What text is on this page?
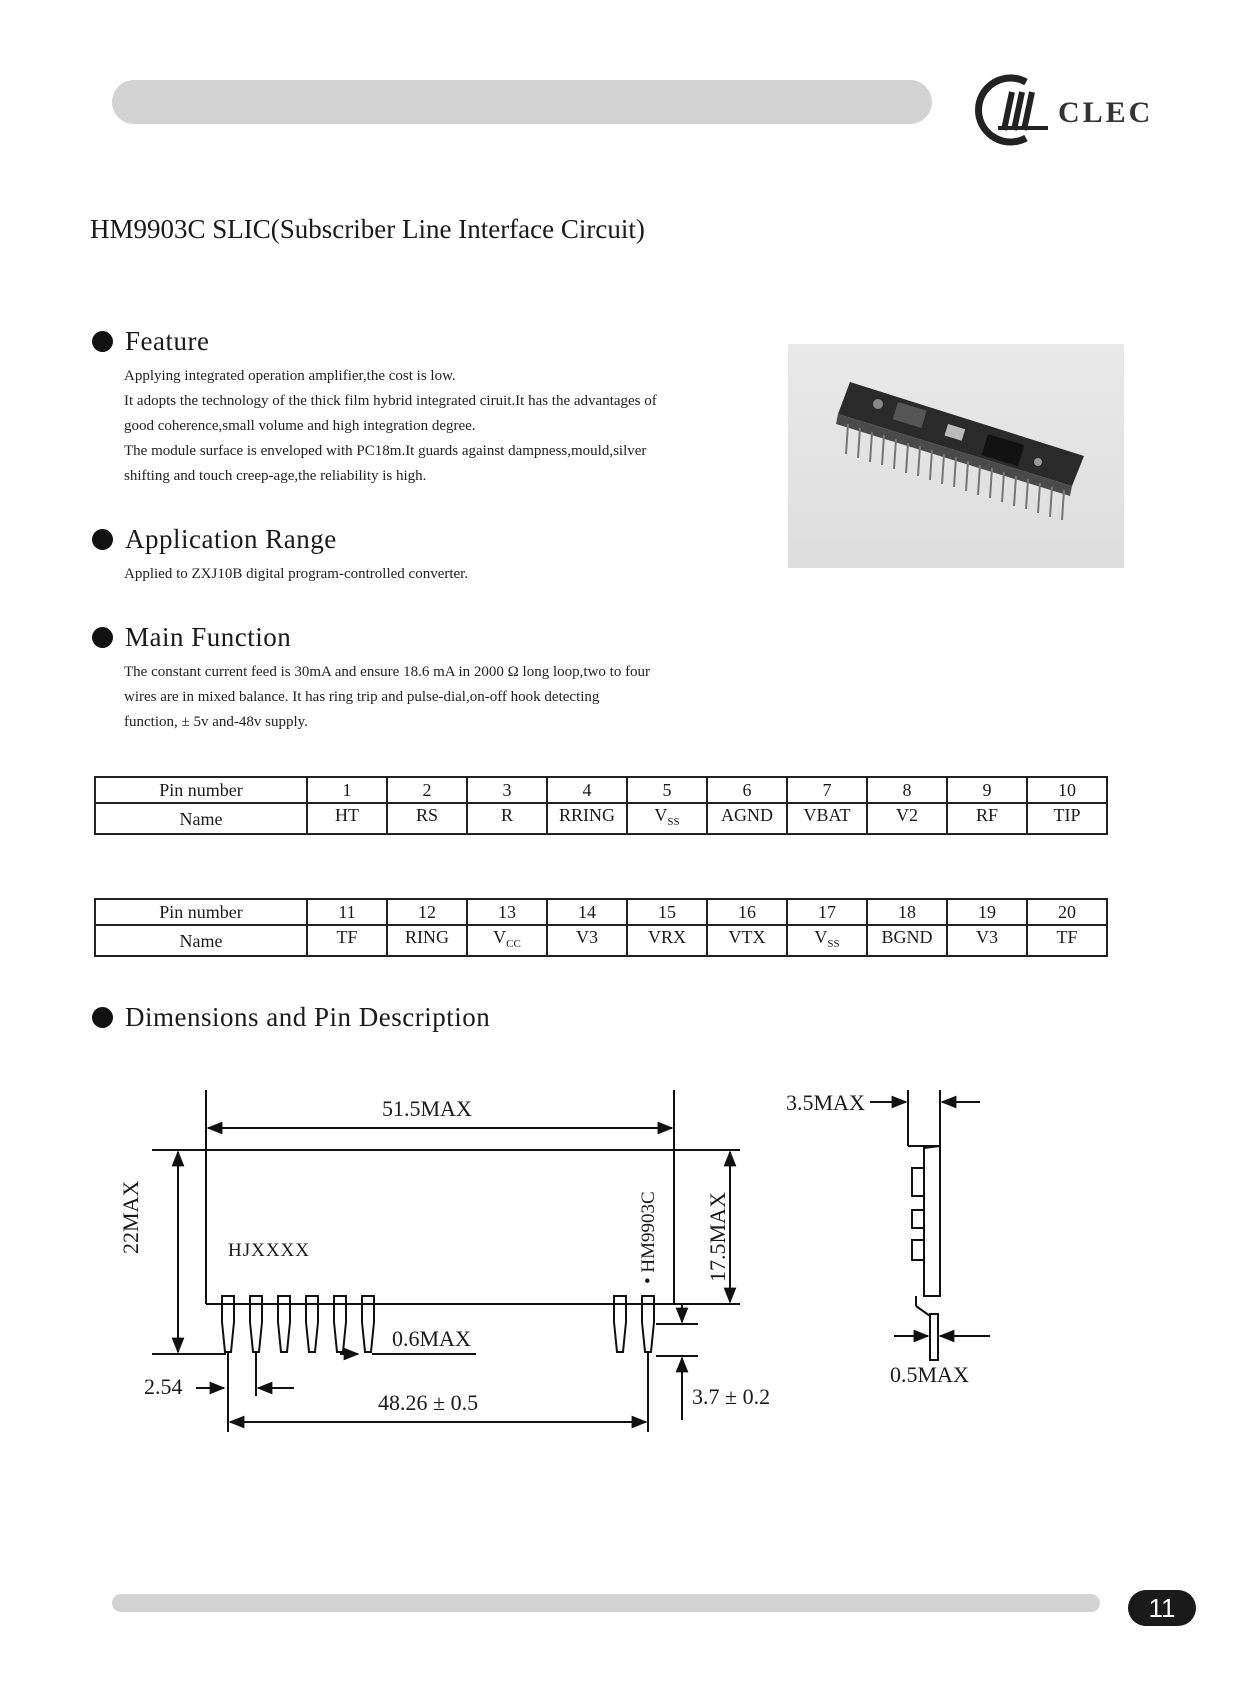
CLEC
HM9903C SLIC(Subscriber Line Interface Circuit)
Feature

Applying integrated operation amplifier,the cost is low.

It adopts the technology of the thick film hybrid integrated ciruit.It has the advantages of

good coherence,small volume and high integration degree.

The module surface is enveloped with PC18m.It guards against dampness,mould,silver

shifting and touch creep-age,the reliability is high.

Application Range

Applied to ZXJ10B digital program-controlled converter.

Main Function

The constant current feed is 30mA and ensure 18.6 mA in 2000 Ω long loop,two to four

wires are in mixed balance. It has ring trip and pulse-dial,on-off hook detecting

function, ± 5v and-48v supply.

Pin number	1	2	3	4	5	6	7	8	9	10
Name	HT	RS	R	RRING	$V_{SS}$	AGND	VBAT	V2	RF	TIP
Pin number	11	12	13	14	15	16	17	18	19	20
Name	TF	RING	$V_{CC}$	V3	VRX	VTX	$V_{SS}$	BGND	V3	TF
Dimensions and Pin Description
51.5MAX
22MAX	17.5MAX
HJXXXX	• HM9903C
0.6MAX
2.54
48.26 ± 0.5	3.7 ± 0.2
3.5MAX
0.5MAX
11
